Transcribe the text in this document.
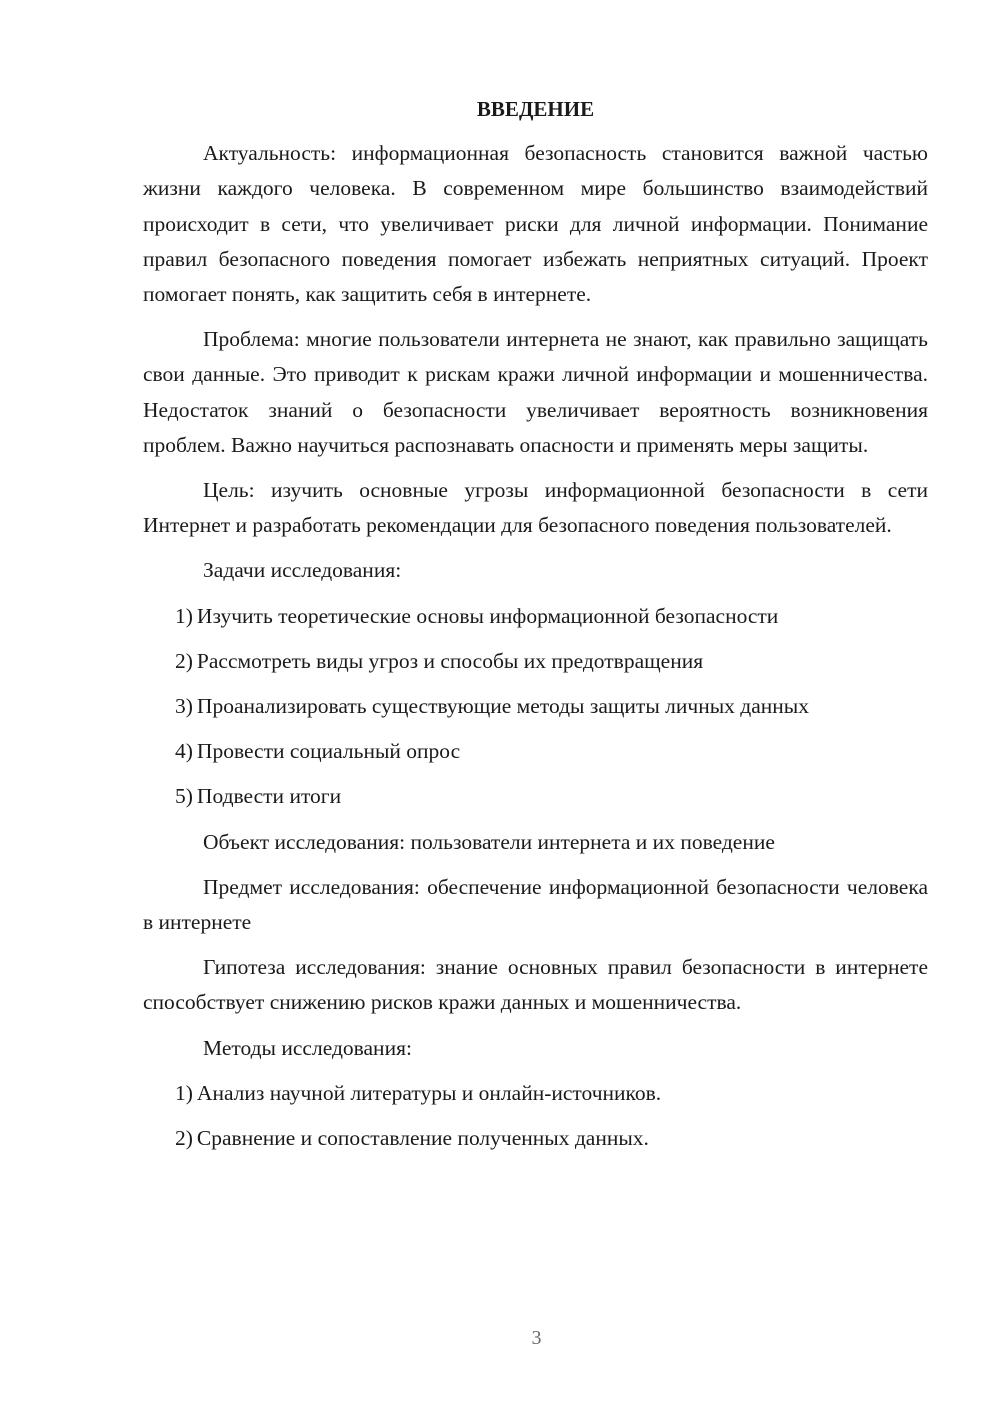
ВВЕДЕНИЕ

Актуальность: информационная безопасность становится важной частью жизни каждого человека. В современном мире большинство взаимодействий происходит в сети, что увеличивает риски для личной информации. Понимание правил безопасного поведения помогает избежать неприятных ситуаций. Проект помогает понять, как защитить себя в интернете.

Проблема: многие пользователи интернета не знают, как правильно защищать свои данные. Это приводит к рискам кражи личной информации и мошенничества. Недостаток знаний о безопасности увеличивает вероятность возникновения проблем. Важно научиться распознавать опасности и применять меры защиты.

Цель: изучить основные угрозы информационной безопасности в сети Интернет и разработать рекомендации для безопасного поведения пользователей.

Задачи исследования:

1) Изучить теоретические основы информационной безопасности
2) Рассмотреть виды угроз и способы их предотвращения
3) Проанализировать существующие методы защиты личных данных
4) Провести социальный опрос
5) Подвести итоги

Объект исследования: пользователи интернета и их поведение

Предмет исследования: обеспечение информационной безопасности человека в интернете

Гипотеза исследования: знание основных правил безопасности в интернете способствует снижению рисков кражи данных и мошенничества.

Методы исследования:

1) Анализ научной литературы и онлайн-источников.
2) Сравнение и сопоставление полученных данных.
3
